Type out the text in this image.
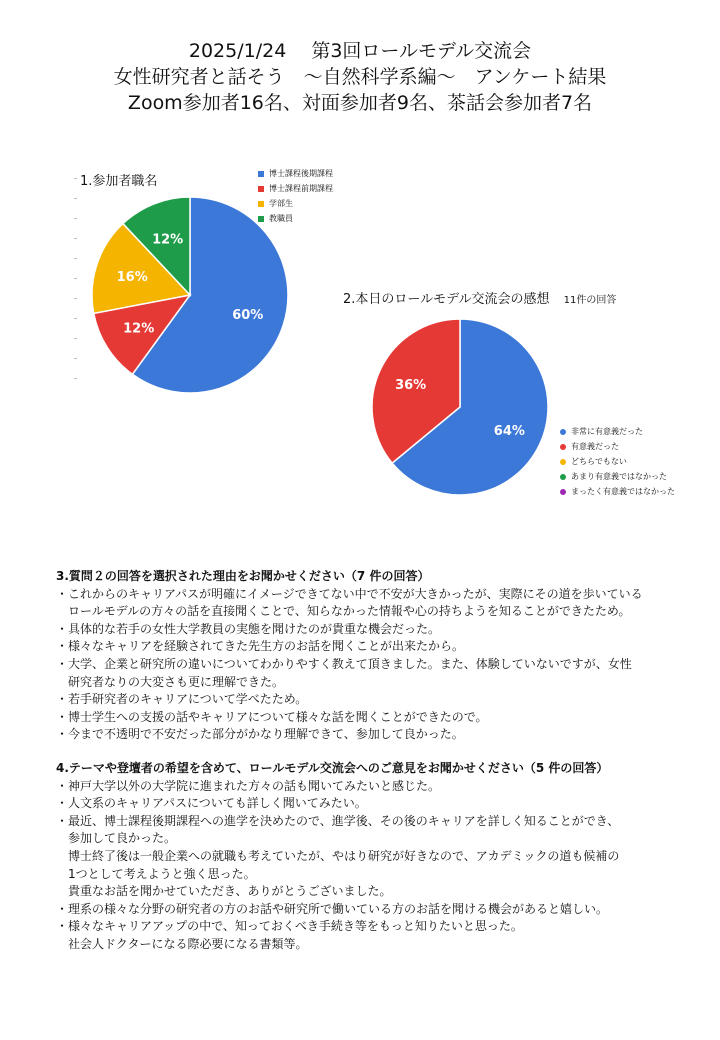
2025/1/24　 第3回ロールモデル交流会
女性研究者と話そう　～自然科学系編～　アンケート結果
Zoom参加者16名、対面参加者9名、茶話会参加者7名
1.参加者職名
60%
12%
16%
12%
博士課程後期課程
博士課程前期課程
学部生
教職員
2.本日のロールモデル交流会の感想 11件の回答
64%
36%
非常に有意義だった
有意義だった
どちらでもない
あまり有意義ではなかった
まったく有意義ではなかった
3.質問２の回答を選択された理由をお聞かせください（7 件の回答）
・これからのキャリアパスが明確にイメージできてない中で不安が大きかったが、実際にその道を歩いている
ロールモデルの方々の話を直接聞くことで、知らなかった情報や心の持ちようを知ることができたため。
・具体的な若手の女性大学教員の実態を聞けたのが貴重な機会だった。
・様々なキャリアを経験されてきた先生方のお話を聞くことが出来たから。
・大学、企業と研究所の違いについてわかりやすく教えて頂きました。また、体験していないですが、女性
研究者なりの大変さも更に理解できた。
・若手研究者のキャリアについて学べたため。
・博士学生への支援の話やキャリアについて様々な話を聞くことができたので。
・今まで不透明で不安だった部分がかなり理解できて、参加して良かった。
4.テーマや登壇者の希望を含めて、ロールモデル交流会へのご意見をお聞かせください（5 件の回答）
・神戸大学以外の大学院に進まれた方々の話も聞いてみたいと感じた。
・人文系のキャリアパスについても詳しく聞いてみたい。
・最近、博士課程後期課程への進学を決めたので、進学後、その後のキャリアを詳しく知ることができ、
参加して良かった。
博士終了後は一般企業への就職も考えていたが、やはり研究が好きなので、アカデミックの道も候補の
1つとして考えようと強く思った。
貴重なお話を聞かせていただき、ありがとうございました。
・理系の様々な分野の研究者の方のお話や研究所で働いている方のお話を聞ける機会があると嬉しい。
・様々なキャリアアップの中で、知っておくべき手続き等をもっと知りたいと思った。
社会人ドクターになる際必要になる書類等。
